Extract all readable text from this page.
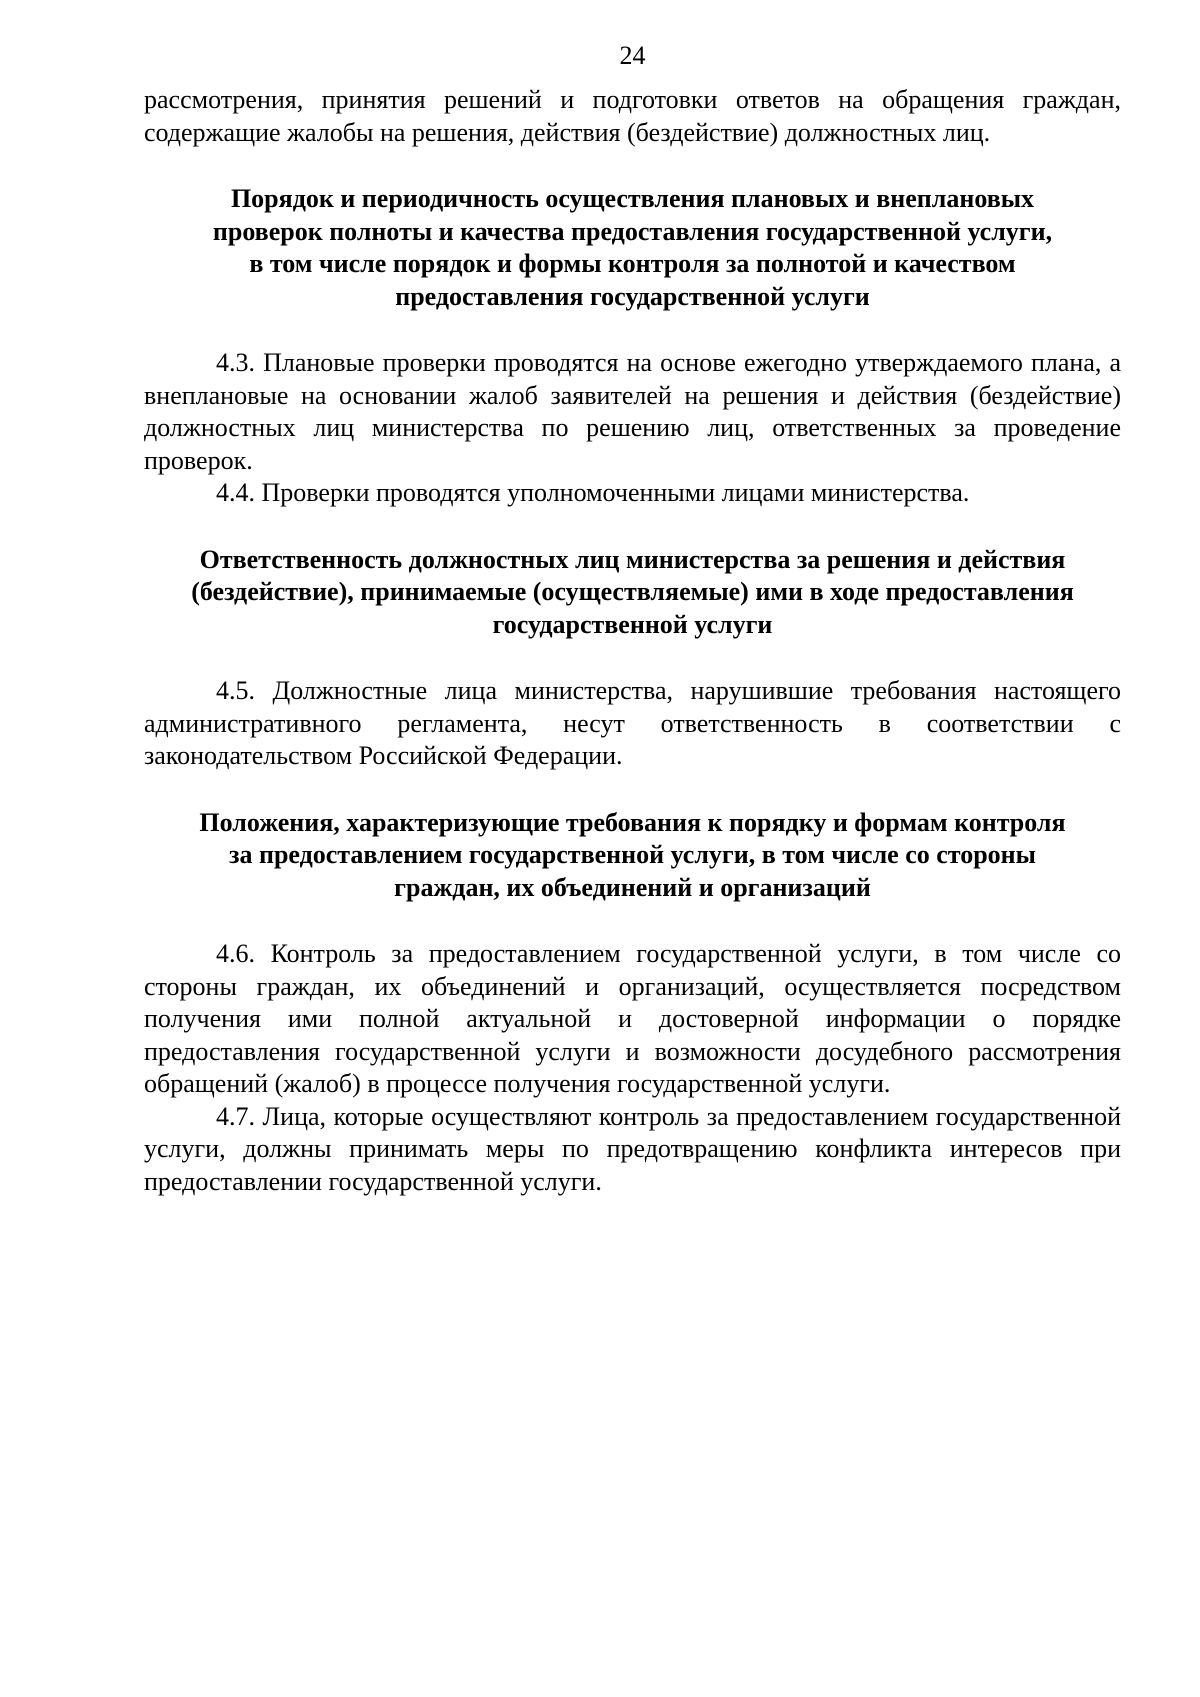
24

рассмотрения, принятия решений и подготовки ответов на обращения граждан, содержащие жалобы на решения, действия (бездействие) должностных лиц.

Порядок и периодичность осуществления плановых и внеплановых
проверок полноты и качества предоставления государственной услуги,
в том числе порядок и формы контроля за полнотой и качеством
предоставления государственной услуги

4.3. Плановые проверки проводятся на основе ежегодно утверждаемого плана, а внеплановые на основании жалоб заявителей на решения и действия (бездействие) должностных лиц министерства по решению лиц, ответственных за проведение проверок.

4.4. Проверки проводятся уполномоченными лицами министерства.

Ответственность должностных лиц министерства за решения и действия
(бездействие), принимаемые (осуществляемые) ими в ходе предоставления
государственной услуги

4.5. Должностные лица министерства, нарушившие требования настоящего административного регламента, несут ответственность в соответствии с законодательством Российской Федерации.

Положения, характеризующие требования к порядку и формам контроля
за предоставлением государственной услуги, в том числе со стороны
граждан, их объединений и организаций

4.6. Контроль за предоставлением государственной услуги, в том числе со стороны граждан, их объединений и организаций, осуществляется посредством получения ими полной актуальной и достоверной информации о порядке предоставления государственной услуги и возможности досудебного рассмотрения обращений (жалоб) в процессе получения государственной услуги.

4.7. Лица, которые осуществляют контроль за предоставлением государственной услуги, должны принимать меры по предотвращению конфликта интересов при предоставлении государственной услуги.
